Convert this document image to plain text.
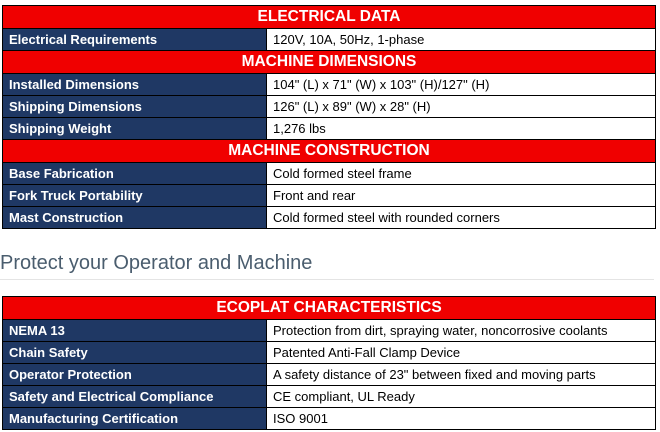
ELECTRICAL DATA	
Electrical Requirements	120V, 10A, 50Hz, 1-phase
MACHINE DIMENSIONS	
Installed Dimensions	104" (L) x 71" (W) x 103" (H)/127" (H)
Shipping Dimensions	126" (L) x 89" (W) x 28" (H)
Shipping Weight	1,276 lbs
MACHINE CONSTRUCTION	
Base Fabrication	Cold formed steel frame
Fork Truck Portability	Front and rear
Mast Construction	Cold formed steel with rounded corners
Protect your Operator and Machine
ECOPLAT CHARACTERISTICS	
NEMA 13	Protection from dirt, spraying water, noncorrosive coolants
Chain Safety	Patented Anti-Fall Clamp Device
Operator Protection	A safety distance of 23" between fixed and moving parts
Safety and Electrical Compliance	CE compliant, UL Ready
Manufacturing Certification	ISO 9001
